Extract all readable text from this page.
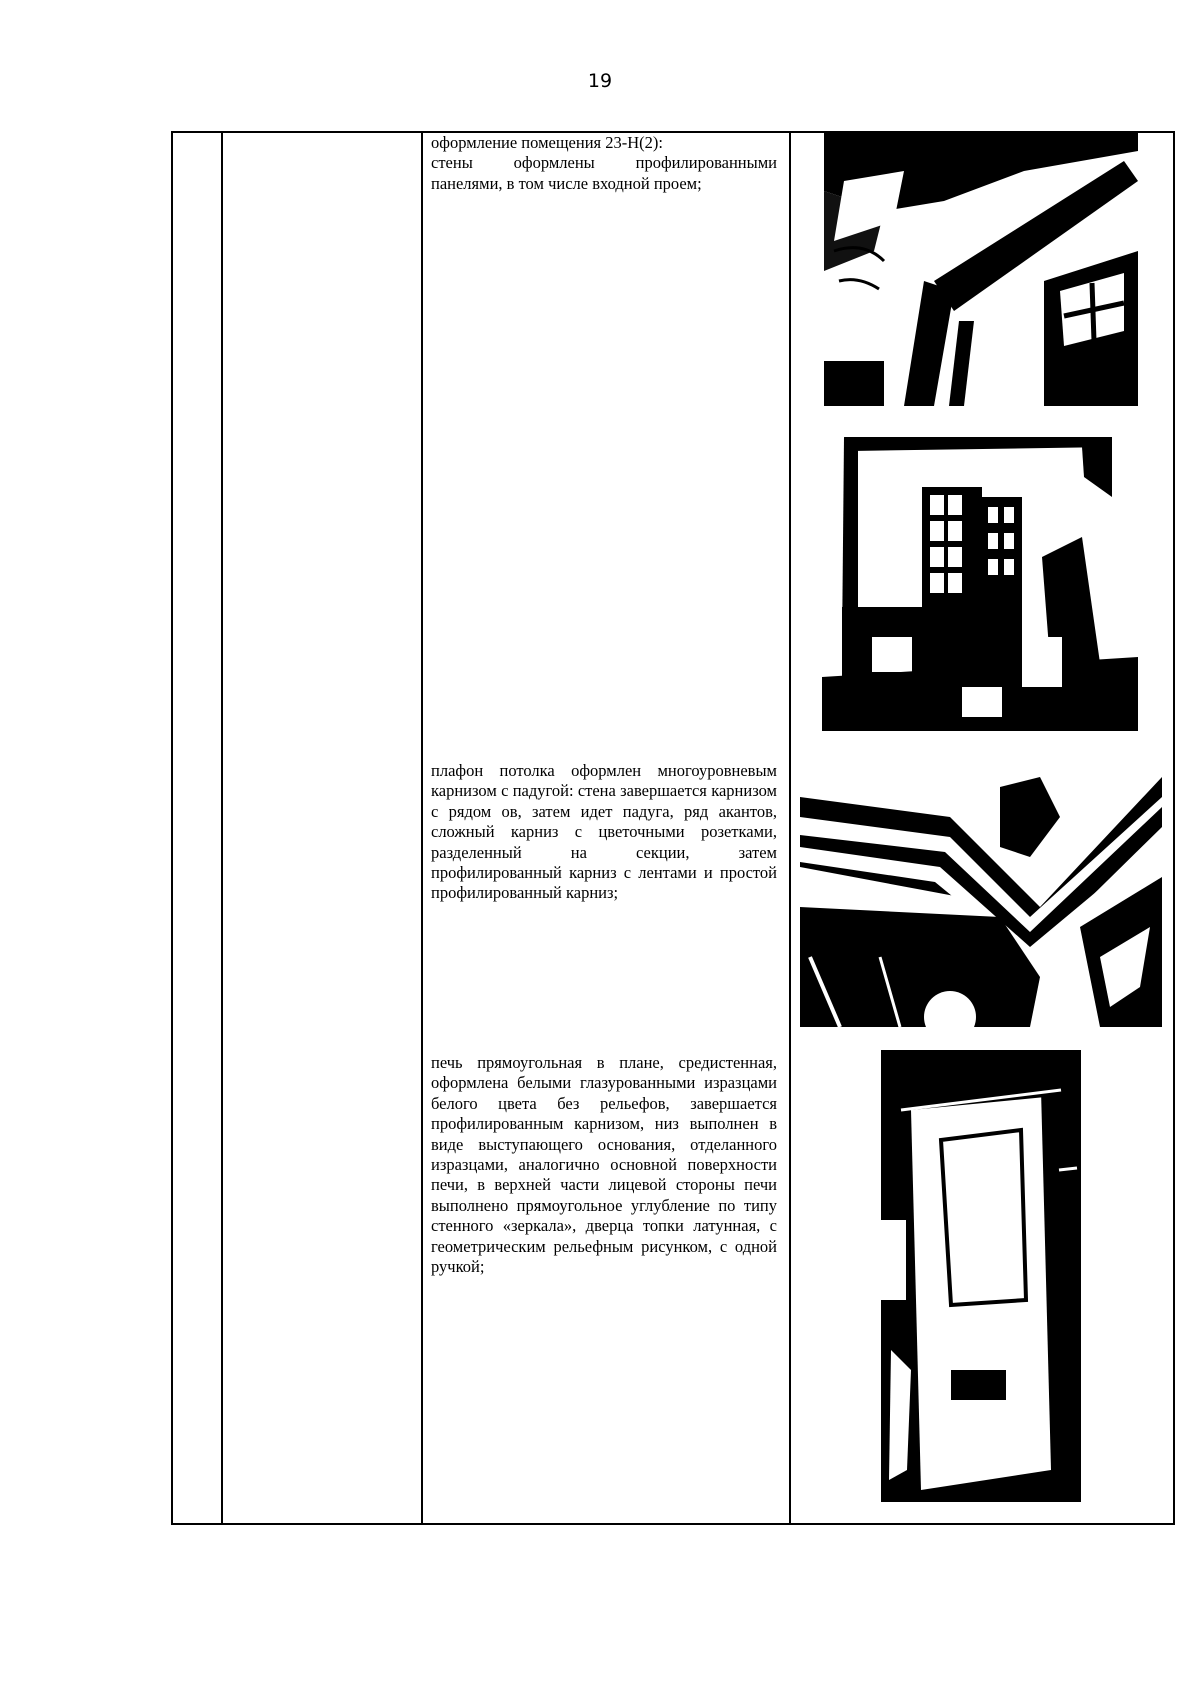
19

оформление помещения 23-Н(2):

стены оформлены профилированными панелями, в том числе входной проем;

плафон потолка оформлен многоуровневым карнизом с падугой: стена завершается карнизом с рядом ов, затем идет падуга, ряд акантов, сложный карниз с цветочными розетками, разделенный на секции, затем профилированный карниз с лентами и простой профилированный карниз;

печь прямоугольная в плане, средистенная, оформлена белыми глазурованными изразцами белого цвета без рельефов, завершается профилированным карнизом, низ выполнен в виде выступающего основания, отделанного изразцами, аналогично основной поверхности печи, в верхней части лицевой стороны печи выполнено прямоугольное углубление по типу стенного «зеркала», дверца топки латунная, с геометрическим рельефным рисунком, с одной ручкой;
